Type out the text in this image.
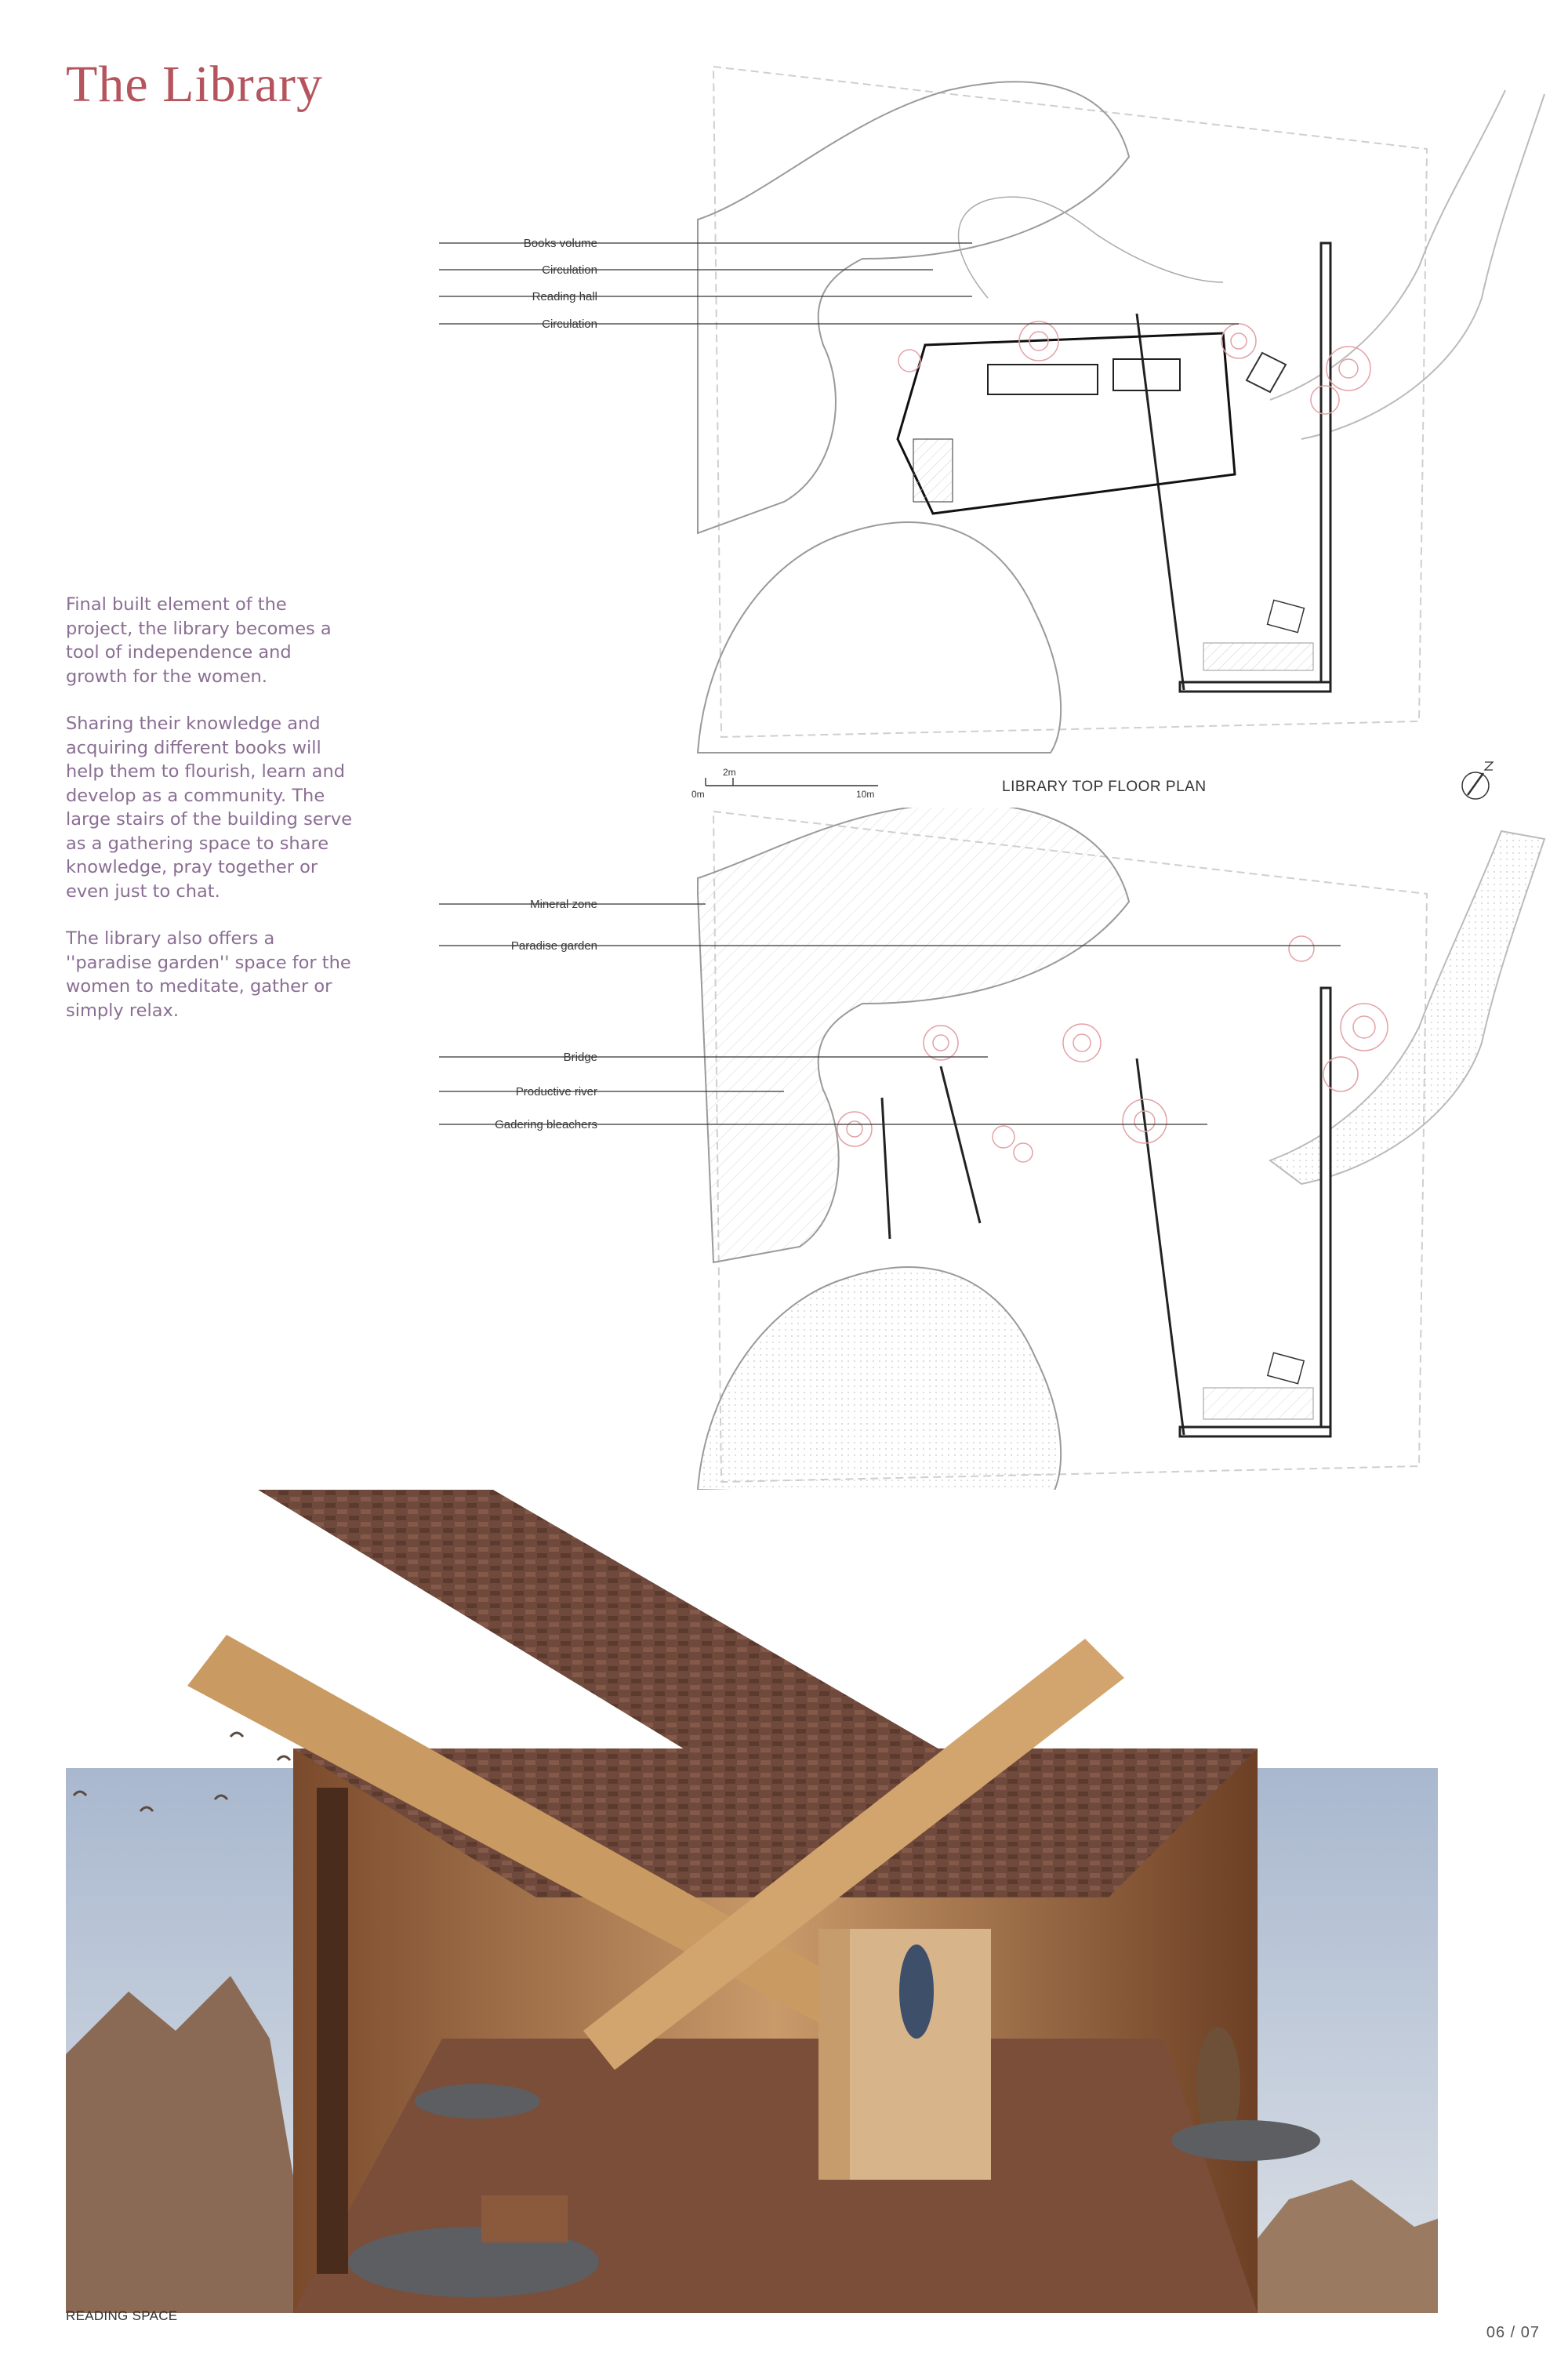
The Library

Final built element of the project, the library becomes a tool of independence and growth for the women.

Sharing their knowledge and acquiring different books will help them to flourish, learn and develop as a community. The large stairs of the building serve as a gathering space to share knowledge, pray together or even just to chat.

The library also offers a ''paradise garden'' space for the women to meditate, gather or simply relax.

Books volume
Circulation
Reading hall
Circulation
0m
2m
10m	LIBRARY TOP FLOOR PLAN
Mineral zone
Paradise garden
Bridge
Productive river
Gadering bleachers
READING SPACE
06 / 07
